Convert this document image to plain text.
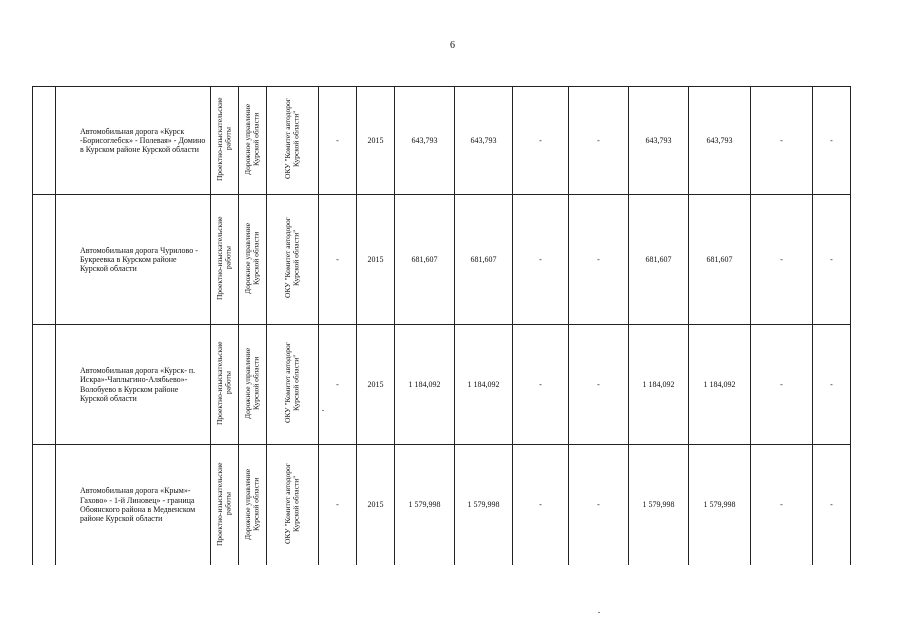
6
	Автомобильная дорога «Курск -Борисоглебск» - Полевая» - Домино в Курском районе Курской области	Проектно-изыскательские работы	Дорожное управление Курской области	ОКУ "Комитет автодорог Курской области"	-	2015	643,793	643,793	-	-	643,793	643,793	-	-
	Автомобильная дорога Чурилово - Букреевка в Курском районе Курской области	Проектно-изыскательские работы	Дорожное управление Курской области	ОКУ "Комитет автодорог Курской области"	-	2015	681,607	681,607	-	-	681,607	681,607	-	-
	Автомобильная дорога «Курск- п. Искра»-Чаплыгино-Алябьево»-Волобуево в Курском районе Курской области	Проектно-изыскательские работы	Дорожное управление Курской области	ОКУ "Комитет автодорог Курской области"	-	2015	1 184,092	1 184,092	-	-	1 184,092	1 184,092	-	-
	Автомобильная дорога «Крым»-Гахово» - 1-й Линовец» - граница Обоянского района в Медвенском районе Курской области	Проектно-изыскательские работы	Дорожное управление Курской области	ОКУ "Комитет автодорог Курской области"	-	2015	1 579,998	1 579,998	-	-	1 579,998	1 579,998	-	-
